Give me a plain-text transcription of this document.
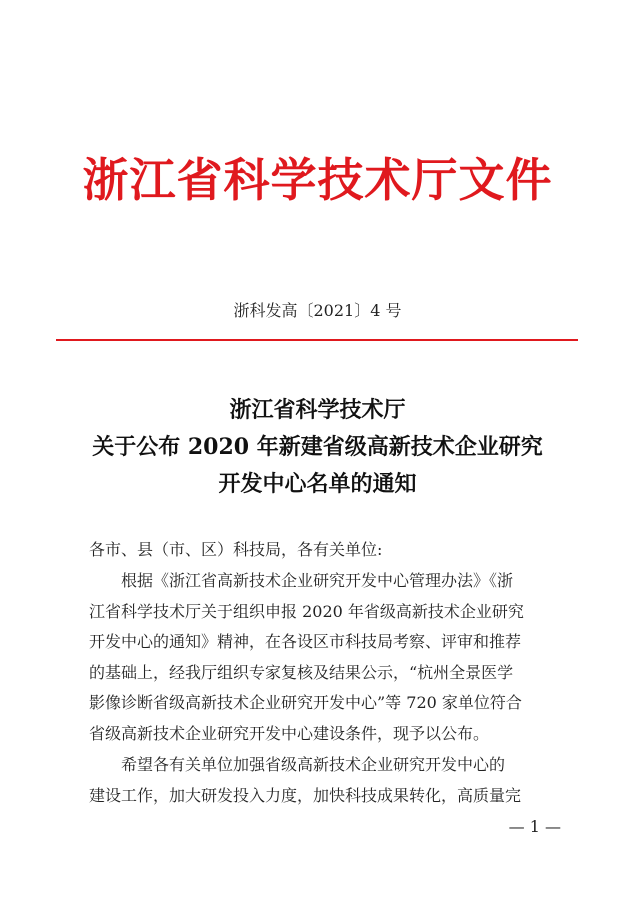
浙江省科学技术厅文件
浙科发高〔2021〕4 号
浙江省科学技术厅
关于公布 2020 年新建省级高新技术企业研究
开发中心名单的通知
各市、县（市、区）科技局，各有关单位:
根据《浙江省高新技术企业研究开发中心管理办法》《浙
江省科学技术厅关于组织申报 2020 年省级高新技术企业研究
开发中心的通知》精神，在各设区市科技局考察、评审和推荐
的基础上，经我厅组织专家复核及结果公示，“杭州全景医学
影像诊断省级高新技术企业研究开发中心”等 720 家单位符合
省级高新技术企业研究开发中心建设条件，现予以公布。
希望各有关单位加强省级高新技术企业研究开发中心的
建设工作，加大研发投入力度，加快科技成果转化，高质量完
— 1 —
